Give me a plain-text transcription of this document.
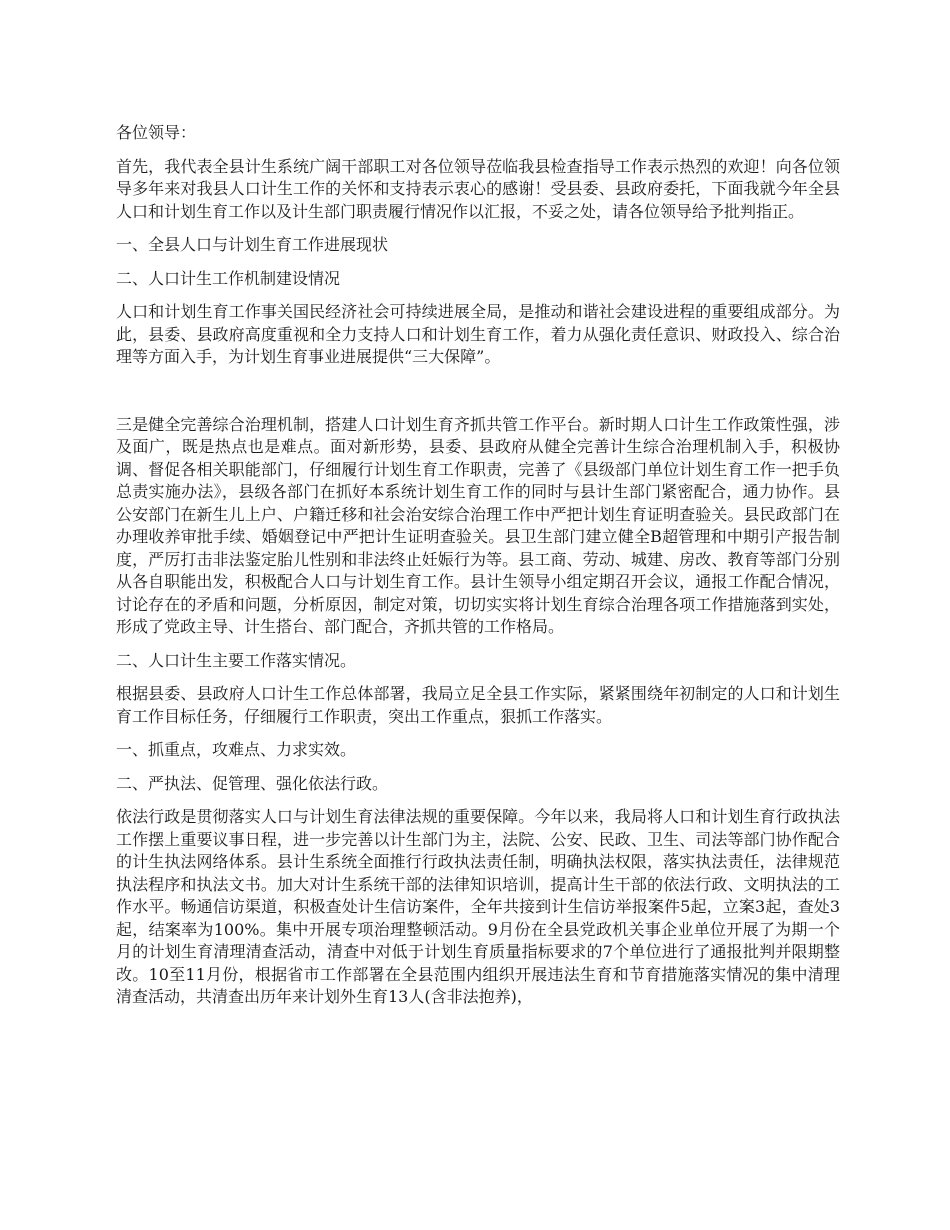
各位领导：

首先，我代表全县计生系统广阔干部职工对各位领导莅临我县检查指导工作表示热烈的欢迎！向各位领导多年来对我县人口计生工作的关怀和支持表示衷心的感谢！受县委、县政府委托，下面我就今年全县人口和计划生育工作以及计生部门职责履行情况作以汇报，不妥之处，请各位领导给予批判指正。

一、全县人口与计划生育工作进展现状

二、人口计生工作机制建设情况

人口和计划生育工作事关国民经济社会可持续进展全局，是推动和谐社会建设进程的重要组成部分。为此，县委、县政府高度重视和全力支持人口和计划生育工作，着力从强化责任意识、财政投入、综合治理等方面入手，为计划生育事业进展提供“三大保障”。

三是健全完善综合治理机制，搭建人口计划生育齐抓共管工作平台。新时期人口计生工作政策性强，涉及面广，既是热点也是难点。面对新形势，县委、县政府从健全完善计生综合治理机制入手，积极协调、督促各相关职能部门，仔细履行计划生育工作职责，完善了《县级部门单位计划生育工作一把手负总责实施办法》，县级各部门在抓好本系统计划生育工作的同时与县计生部门紧密配合，通力协作。县公安部门在新生儿上户、户籍迁移和社会治安综合治理工作中严把计划生育证明查验关。县民政部门在办理收养审批手续、婚姻登记中严把计生证明查验关。县卫生部门建立健全B超管理和中期引产报告制度，严厉打击非法鉴定胎儿性别和非法终止妊娠行为等。县工商、劳动、城建、房改、教育等部门分别从各自职能出发，积极配合人口与计划生育工作。县计生领导小组定期召开会议，通报工作配合情况，讨论存在的矛盾和问题，分析原因，制定对策，切切实实将计划生育综合治理各项工作措施落到实处，形成了党政主导、计生搭台、部门配合，齐抓共管的工作格局。

二、人口计生主要工作落实情况。

根据县委、县政府人口计生工作总体部署，我局立足全县工作实际，紧紧围绕年初制定的人口和计划生育工作目标任务，仔细履行工作职责，突出工作重点，狠抓工作落实。

一、抓重点，攻难点、力求实效。

二、严执法、促管理、强化依法行政。

依法行政是贯彻落实人口与计划生育法律法规的重要保障。今年以来，我局将人口和计划生育行政执法工作摆上重要议事日程，进一步完善以计生部门为主，法院、公安、民政、卫生、司法等部门协作配合的计生执法网络体系。县计生系统全面推行行政执法责任制，明确执法权限，落实执法责任，法律规范执法程序和执法文书。加大对计生系统干部的法律知识培训，提高计生干部的依法行政、文明执法的工作水平。畅通信访渠道，积极查处计生信访案件，全年共接到计生信访举报案件5起，立案3起，查处3起，结案率为100%。集中开展专项治理整顿活动。9月份在全县党政机关事企业单位开展了为期一个月的计划生育清理清查活动，清查中对低于计划生育质量指标要求的7个单位进行了通报批判并限期整改。10至11月份，根据省市工作部署在全县范围内组织开展违法生育和节育措施落实情况的集中清理清查活动，共清查出历年来计划外生育13人(含非法抱养)，
